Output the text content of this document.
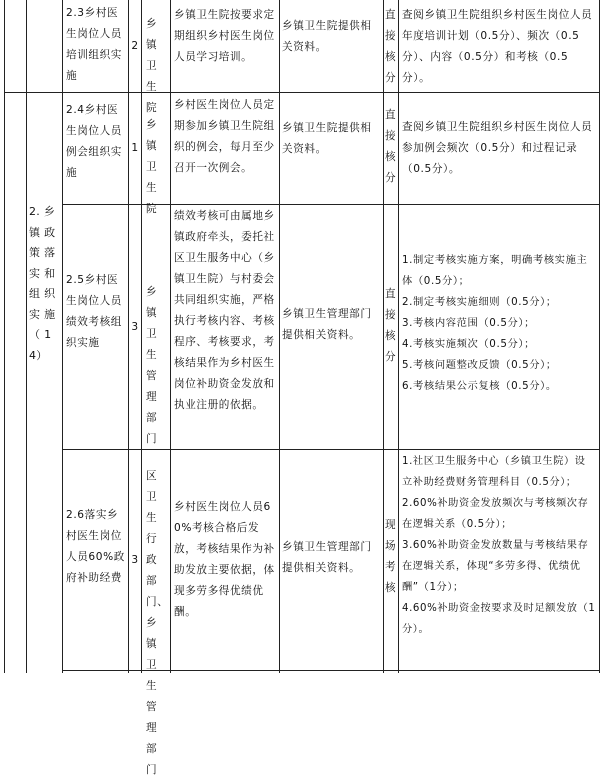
2. 乡
镇 政
策 落
实 和
组 织
实 施
（ 1
4）
2.3乡村医生岗位人员培训组织实施
2
乡镇卫生院
乡镇卫生院按要求定期组织乡村医生岗位人员学习培训。
乡镇卫生院提供相关资料。
直接核分
查阅乡镇卫生院组织乡村医生岗位人员年度培训计划（0.5分）、频次（0.5分）、内容（0.5分）和考核（0.5分）。
2.4乡村医生岗位人员例会组织实施
1
乡镇卫生院
乡村医生岗位人员定期参加乡镇卫生院组织的例会，每月至少召开一次例会。
乡镇卫生院提供相关资料。
直接核分
查阅乡镇卫生院组织乡村医生岗位人员参加例会频次（0.5分）和过程记录（0.5分）。
2.5乡村医生岗位人员绩效考核组织实施
3
乡镇卫生管理部门
绩效考核可由属地乡镇政府牵头，委托社区卫生服务中心（乡镇卫生院）与村委会共同组织实施，严格执行考核内容、考核程序、考核要求，考核结果作为乡村医生岗位补助资金发放和执业注册的依据。
乡镇卫生管理部门提供相关资料。
直接核分
1.制定考核实施方案，明确考核实施主体（0.5分）；
2.制定考核实施细则（0.5分）；
3.考核内容范围（0.5分）；
4.考核实施频次（0.5分）；
5.考核问题整改反馈（0.5分）；
6.考核结果公示复核（0.5分）。
2.6落实乡村医生岗位人员60%政府补助经费
3
区卫生行政部门、乡镇卫生管理部门
乡村医生岗位人员60%考核合格后发放，考核结果作为补助发放主要依据，体现多劳多得优绩优酬。
乡镇卫生管理部门提供相关资料。
现场考核
1.社区卫生服务中心（乡镇卫生院）设立补助经费财务管理科目（0.5分）；
2.60%补助资金发放频次与考核频次存在逻辑关系（0.5分）；
3.60%补助资金发放数量与考核结果存在逻辑关系，体现“多劳多得、优绩优酬”（1分）；
4.60%补助资金按要求及时足额发放（1分）。
